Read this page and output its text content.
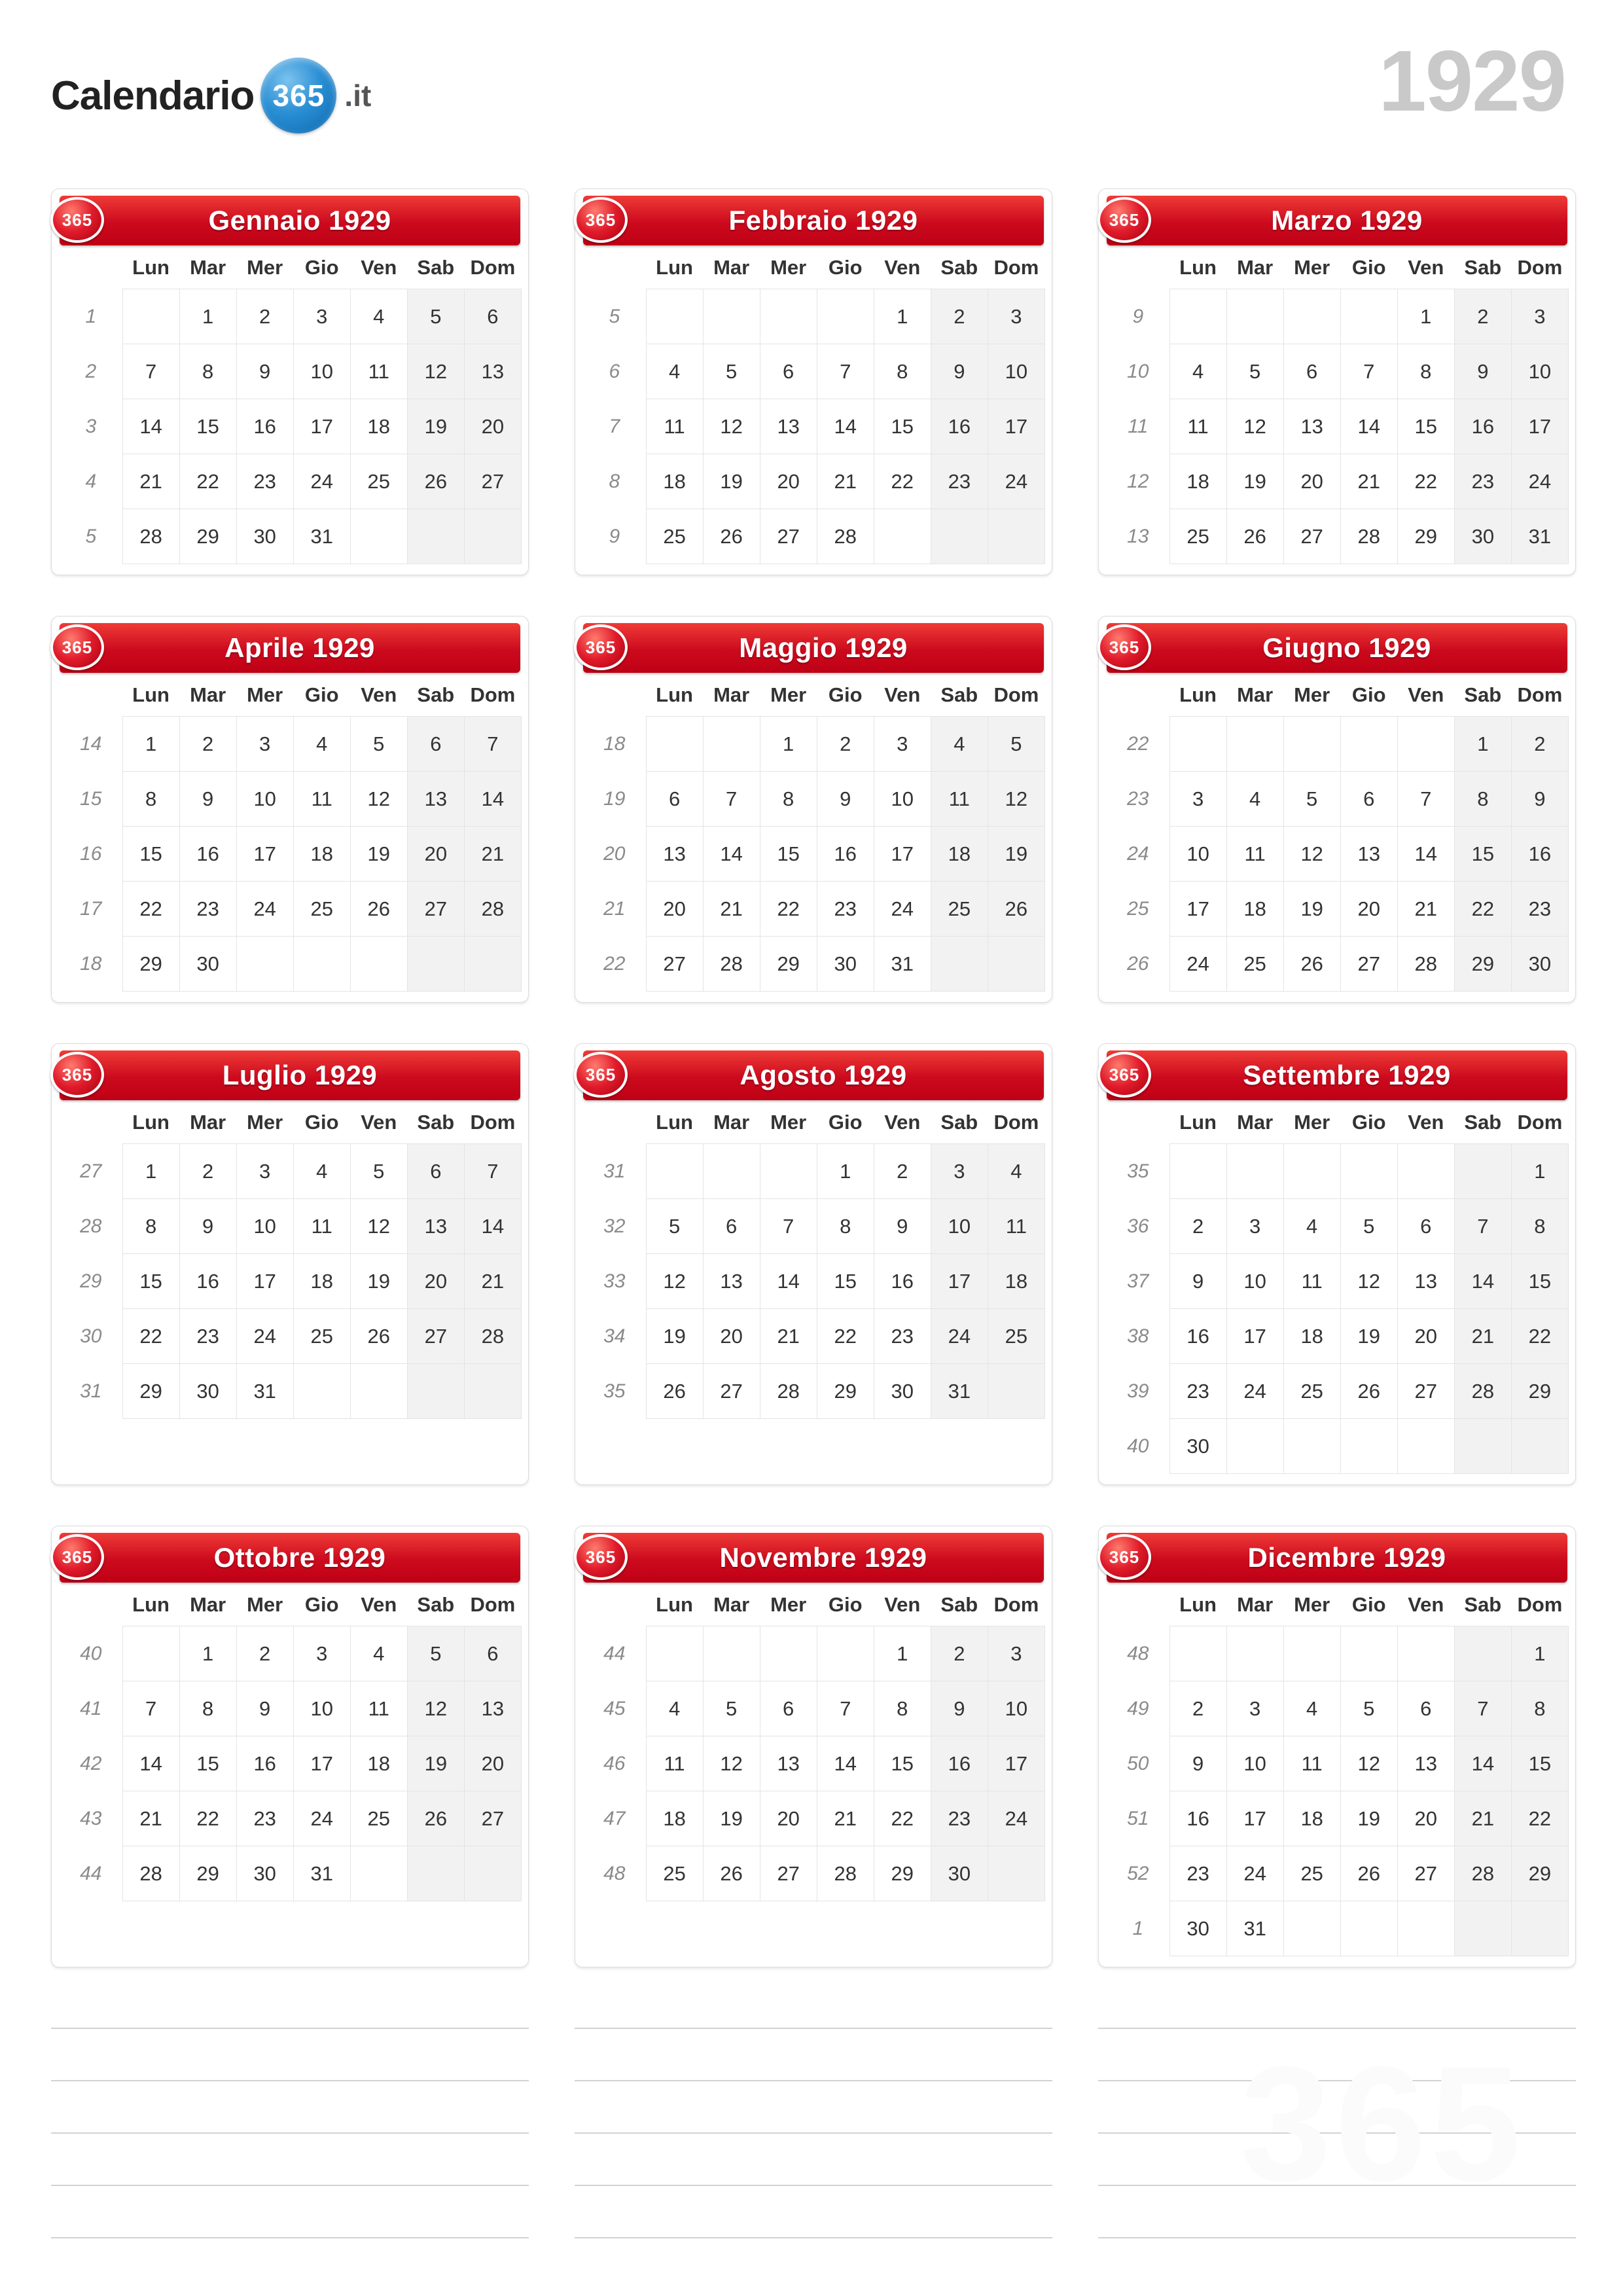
Calendario 365 .it	1929
365	Gennaio 1929
	Lun	Mar	Mer	Gio	Ven	Sab	Dom
1		1	2	3	4	5	6
2	7	8	9	10	11	12	13
3	14	15	16	17	18	19	20
4	21	22	23	24	25	26	27
5	28	29	30	31			
365	Febbraio 1929
	Lun	Mar	Mer	Gio	Ven	Sab	Dom
5					1	2	3
6	4	5	6	7	8	9	10
7	11	12	13	14	15	16	17
8	18	19	20	21	22	23	24
9	25	26	27	28			
365	Marzo 1929
	Lun	Mar	Mer	Gio	Ven	Sab	Dom
9					1	2	3
10	4	5	6	7	8	9	10
11	11	12	13	14	15	16	17
12	18	19	20	21	22	23	24
13	25	26	27	28	29	30	31
365	Aprile 1929
	Lun	Mar	Mer	Gio	Ven	Sab	Dom
14	1	2	3	4	5	6	7
15	8	9	10	11	12	13	14
16	15	16	17	18	19	20	21
17	22	23	24	25	26	27	28
18	29	30					
365	Maggio 1929
	Lun	Mar	Mer	Gio	Ven	Sab	Dom
18			1	2	3	4	5
19	6	7	8	9	10	11	12
20	13	14	15	16	17	18	19
21	20	21	22	23	24	25	26
22	27	28	29	30	31		
365	Giugno 1929
	Lun	Mar	Mer	Gio	Ven	Sab	Dom
22						1	2
23	3	4	5	6	7	8	9
24	10	11	12	13	14	15	16
25	17	18	19	20	21	22	23
26	24	25	26	27	28	29	30
365	Luglio 1929
	Lun	Mar	Mer	Gio	Ven	Sab	Dom
27	1	2	3	4	5	6	7
28	8	9	10	11	12	13	14
29	15	16	17	18	19	20	21
30	22	23	24	25	26	27	28
31	29	30	31				
365	Agosto 1929
	Lun	Mar	Mer	Gio	Ven	Sab	Dom
31				1	2	3	4
32	5	6	7	8	9	10	11
33	12	13	14	15	16	17	18
34	19	20	21	22	23	24	25
35	26	27	28	29	30	31	
365	Settembre 1929
	Lun	Mar	Mer	Gio	Ven	Sab	Dom
35							1
36	2	3	4	5	6	7	8
37	9	10	11	12	13	14	15
38	16	17	18	19	20	21	22
39	23	24	25	26	27	28	29
40	30						
365	Ottobre 1929
	Lun	Mar	Mer	Gio	Ven	Sab	Dom
40		1	2	3	4	5	6
41	7	8	9	10	11	12	13
42	14	15	16	17	18	19	20
43	21	22	23	24	25	26	27
44	28	29	30	31			
365	Novembre 1929
	Lun	Mar	Mer	Gio	Ven	Sab	Dom
44					1	2	3
45	4	5	6	7	8	9	10
46	11	12	13	14	15	16	17
47	18	19	20	21	22	23	24
48	25	26	27	28	29	30	
365	Dicembre 1929
	Lun	Mar	Mer	Gio	Ven	Sab	Dom
48							1
49	2	3	4	5	6	7	8
50	9	10	11	12	13	14	15
51	16	17	18	19	20	21	22
52	23	24	25	26	27	28	29
1	30	31					
365
